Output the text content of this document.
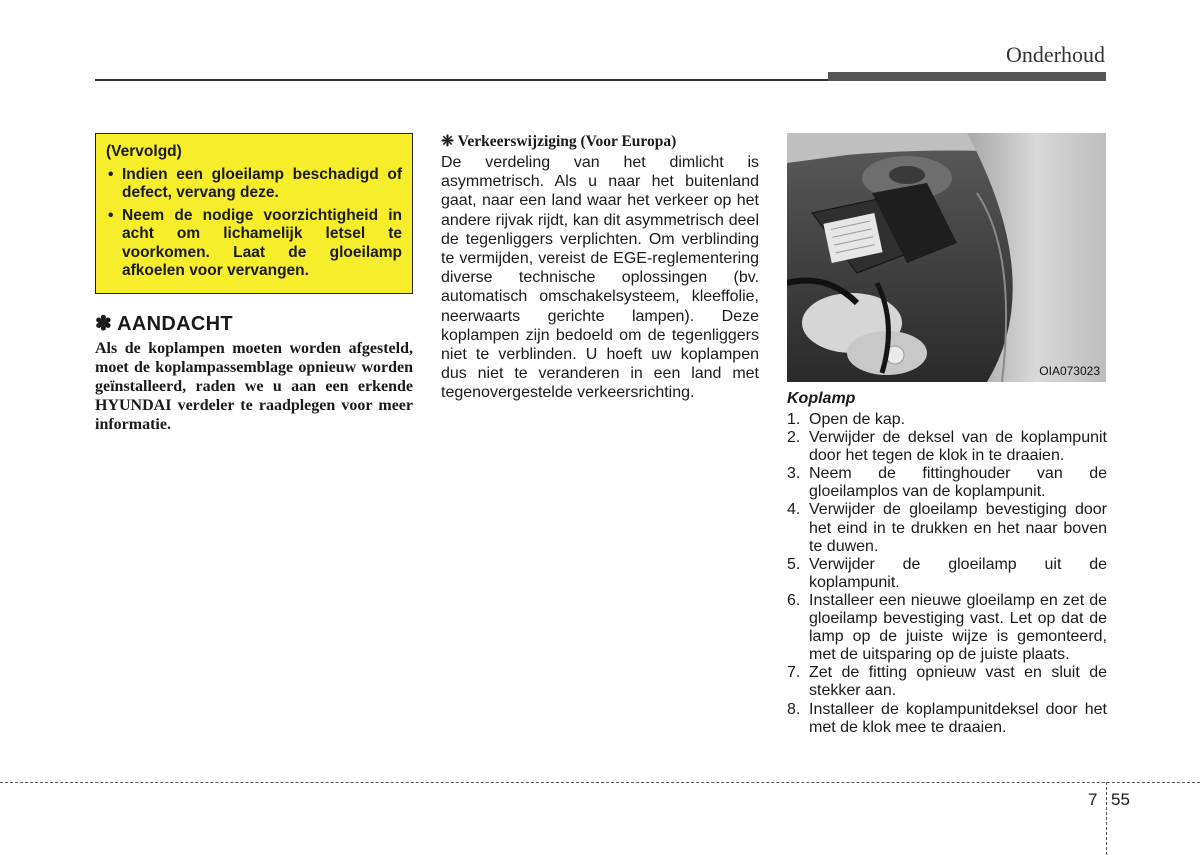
Onderhoud
(Vervolgd)
• Indien een gloeilamp beschadigd of defect, vervang deze.
• Neem de nodige voorzichtigheid in acht om lichamelijk letsel te voorkomen. Laat de gloeilamp afkoelen voor vervangen.
✽ AANDACHT
Als de koplampen moeten worden afgesteld, moet de koplampassemblage opnieuw worden geïnstalleerd, raden we u aan een erkende HYUNDAI verdeler te raadplegen voor meer informatie.
❈ Verkeerswijziging (Voor Europa)
De verdeling van het dimlicht is asymmetrisch. Als u naar het buitenland gaat, naar een land waar het verkeer op het andere rijvak rijdt, kan dit asymmetrisch deel de tegenliggers verplichten. Om verblinding te vermijden, vereist de EGE-reglementering diverse technische oplossingen (bv. automatisch omschakelsysteem, kleeffolie, neerwaarts gerichte lampen). Deze koplampen zijn bedoeld om de tegenliggers niet te verblinden. U hoeft uw koplampen dus niet te veranderen in een land met tegenovergestelde verkeersrichting.
OIA073023
Koplamp
1. Open de kap.
2. Verwijder de deksel van de koplampunit door het tegen de klok in te draaien.
3. Neem de fittinghouder van de gloeilamplos van de koplampunit.
4. Verwijder de gloeilamp bevestiging door het eind in te drukken en het naar boven te duwen.
5. Verwijder de gloeilamp uit de koplampunit.
6. Installeer een nieuwe gloeilamp en zet de gloeilamp bevestiging vast. Let op dat de lamp op de juiste wijze is gemonteerd, met de uitsparing op de juiste plaats.
7. Zet de fitting opnieuw vast en sluit de stekker aan.
8. Installeer de koplampunitdeksel door het met de klok mee te draaien.
7 55
